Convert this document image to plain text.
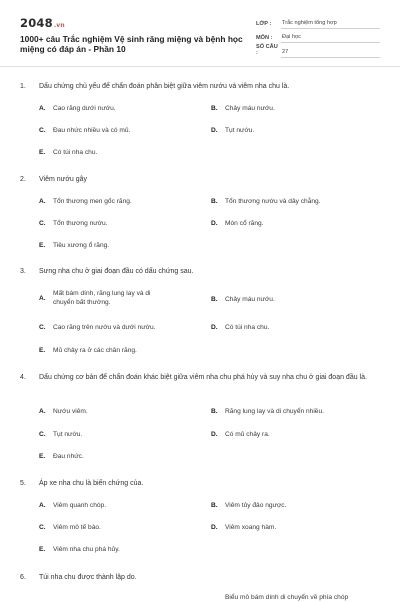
2048.vn
1000+ câu Trắc nghiệm Vệ sinh răng miệng và bệnh học miệng có đáp án - Phần 10
LỚP :	Trắc nghiệm tổng hợp
MÔN :	Đại học
SỐ CÂU :	27
1.	Dấu chứng chủ yếu để chẩn đoán phân biệt giữa viêm nướu và viêm nha chu là.
A.	Cao răng dưới nướu.	B.	Chảy máu nướu.
C.	Đau nhức nhiều và có mủ.	D.	Tụt nướu.
E.	Có túi nha chu.
2.	Viêm nướu gây
A.	Tổn thương men gốc răng.	B.	Tổn thương nướu và dây chằng.
C.	Tổn thương nướu.	D.	Mòn cổ răng.
E.	Tiêu xương ổ răng.
3.	Sưng nha chu ở giai đoạn đầu có dấu chứng sau.
A.
Mất bám dính, răng lung lay và di chuyển bất thường.	B.	Chảy máu nướu.
C.	Cao răng trên nướu và dưới nướu.	D.	Có túi nha chu.
E.	Mủ chảy ra ở các chân răng.
4.	Dấu chứng cơ bản để chẩn đoán khác biệt giữa viêm nha chu phá hủy và suy nha chu ở giai đoạn đầu là.
A.	Nướu viêm.	B.	Răng lung lay và di chuyển nhiều.
C.	Tụt nướu.	D.	Có mủ chảy ra.
E.	Đau nhức.
5.	Áp xe nha chu là biến chứng của.
A.	Viêm quanh chóp.	B.	Viêm tủy đảo ngược.
C.	Viêm mô tế bào.	D.	Viêm xoang hàm.
E.	Viêm nha chu phá hủy.
6.	Túi nha chu được thành lập do.
Biểu mô bám dính di chuyển về phía chóp
